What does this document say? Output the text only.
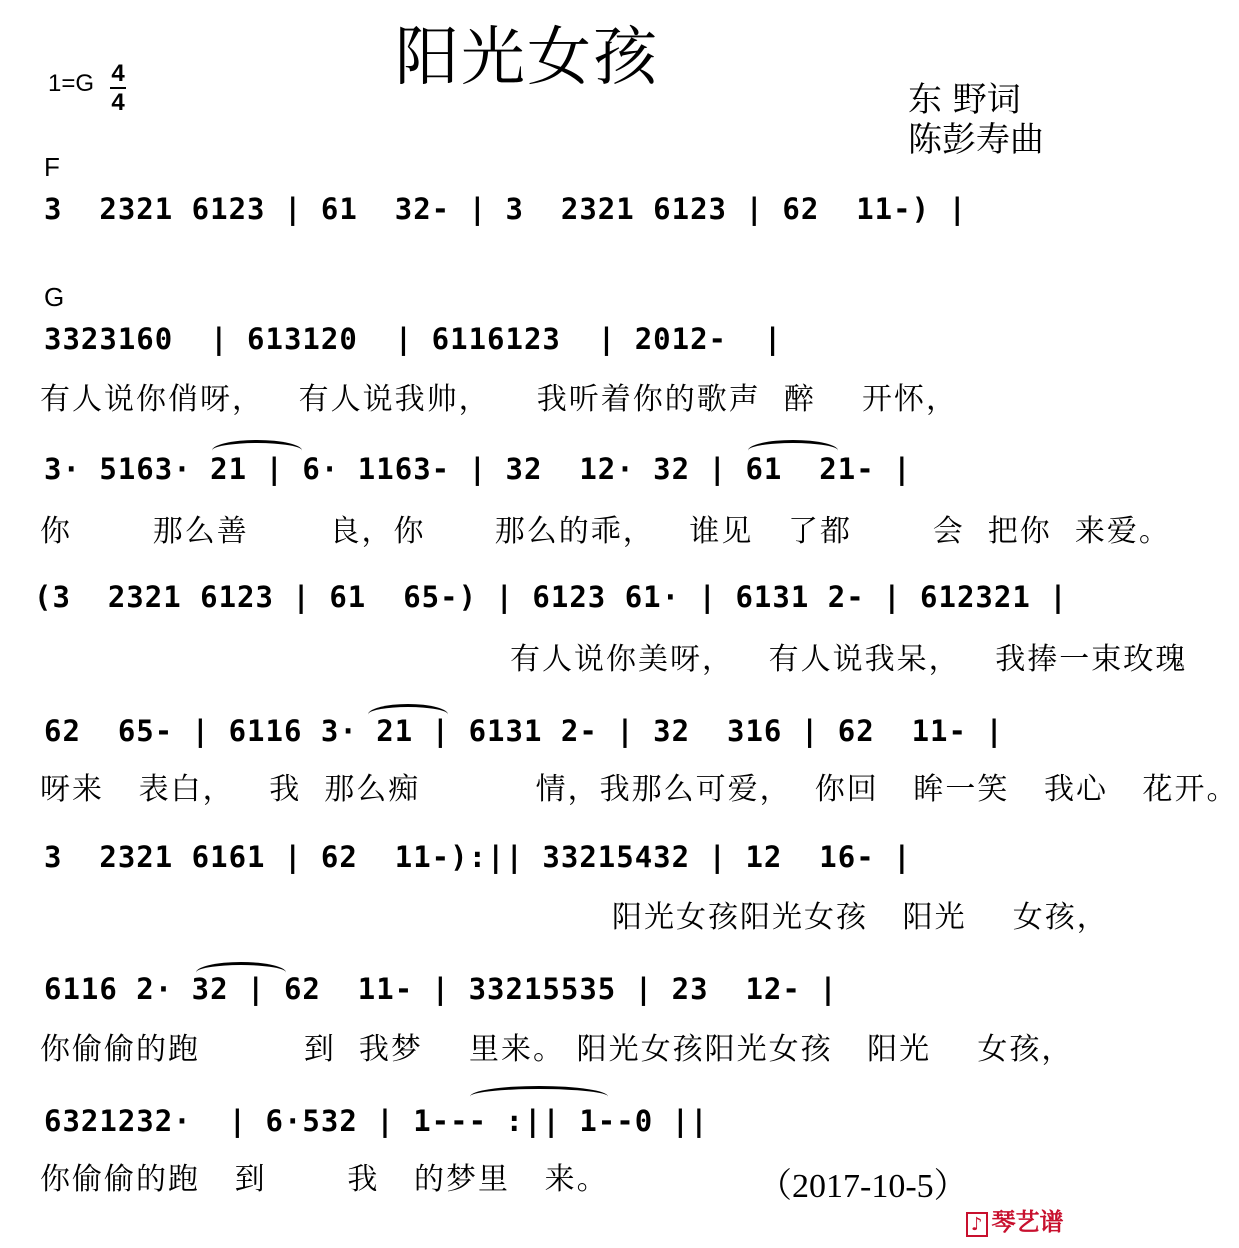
阳光女孩
1=G 4
4	东 野词
陈彭寿曲
F
G
3  2321 6123 | 61  32- | 3  2321 6123 | 62  11-) |
3323160  | 613120  | 6116123  | 2012-  |
有人说你俏呀，   有人说我帅，    我听着你的歌声  醉    开怀，
3· 5163· 21 | 6· 1163- | 32  12· 32 | 61  21- |
你       那么善       良，你      那么的乖，   谁见   了都       会  把你  来爱。
(3  2321 6123 | 61  65-) | 6123 61· | 6131 2- | 612321 |
有人说你美呀，   有人说我呆，   我捧一束玫瑰
62  65- | 6116 3· 21 | 6131 2- | 32  316 | 62  11- |
呀来   表白，   我  那么痴          情，我那么可爱，  你回   眸一笑   我心   花开。
3  2321 6161 | 62  11-):|| 33215432 | 12  16- |
阳光女孩阳光女孩   阳光    女孩，
6116 2· 32 | 62  11- | 33215535 | 23  12- |
你偷偷的跑         到  我梦    里来。 阳光女孩阳光女孩   阳光    女孩，
6321232·  | 6·532 | 1--- :|| 1--0 ||
你偷偷的跑   到       我   的梦里   来。	（2017-10-5）
♪ 琴艺谱
